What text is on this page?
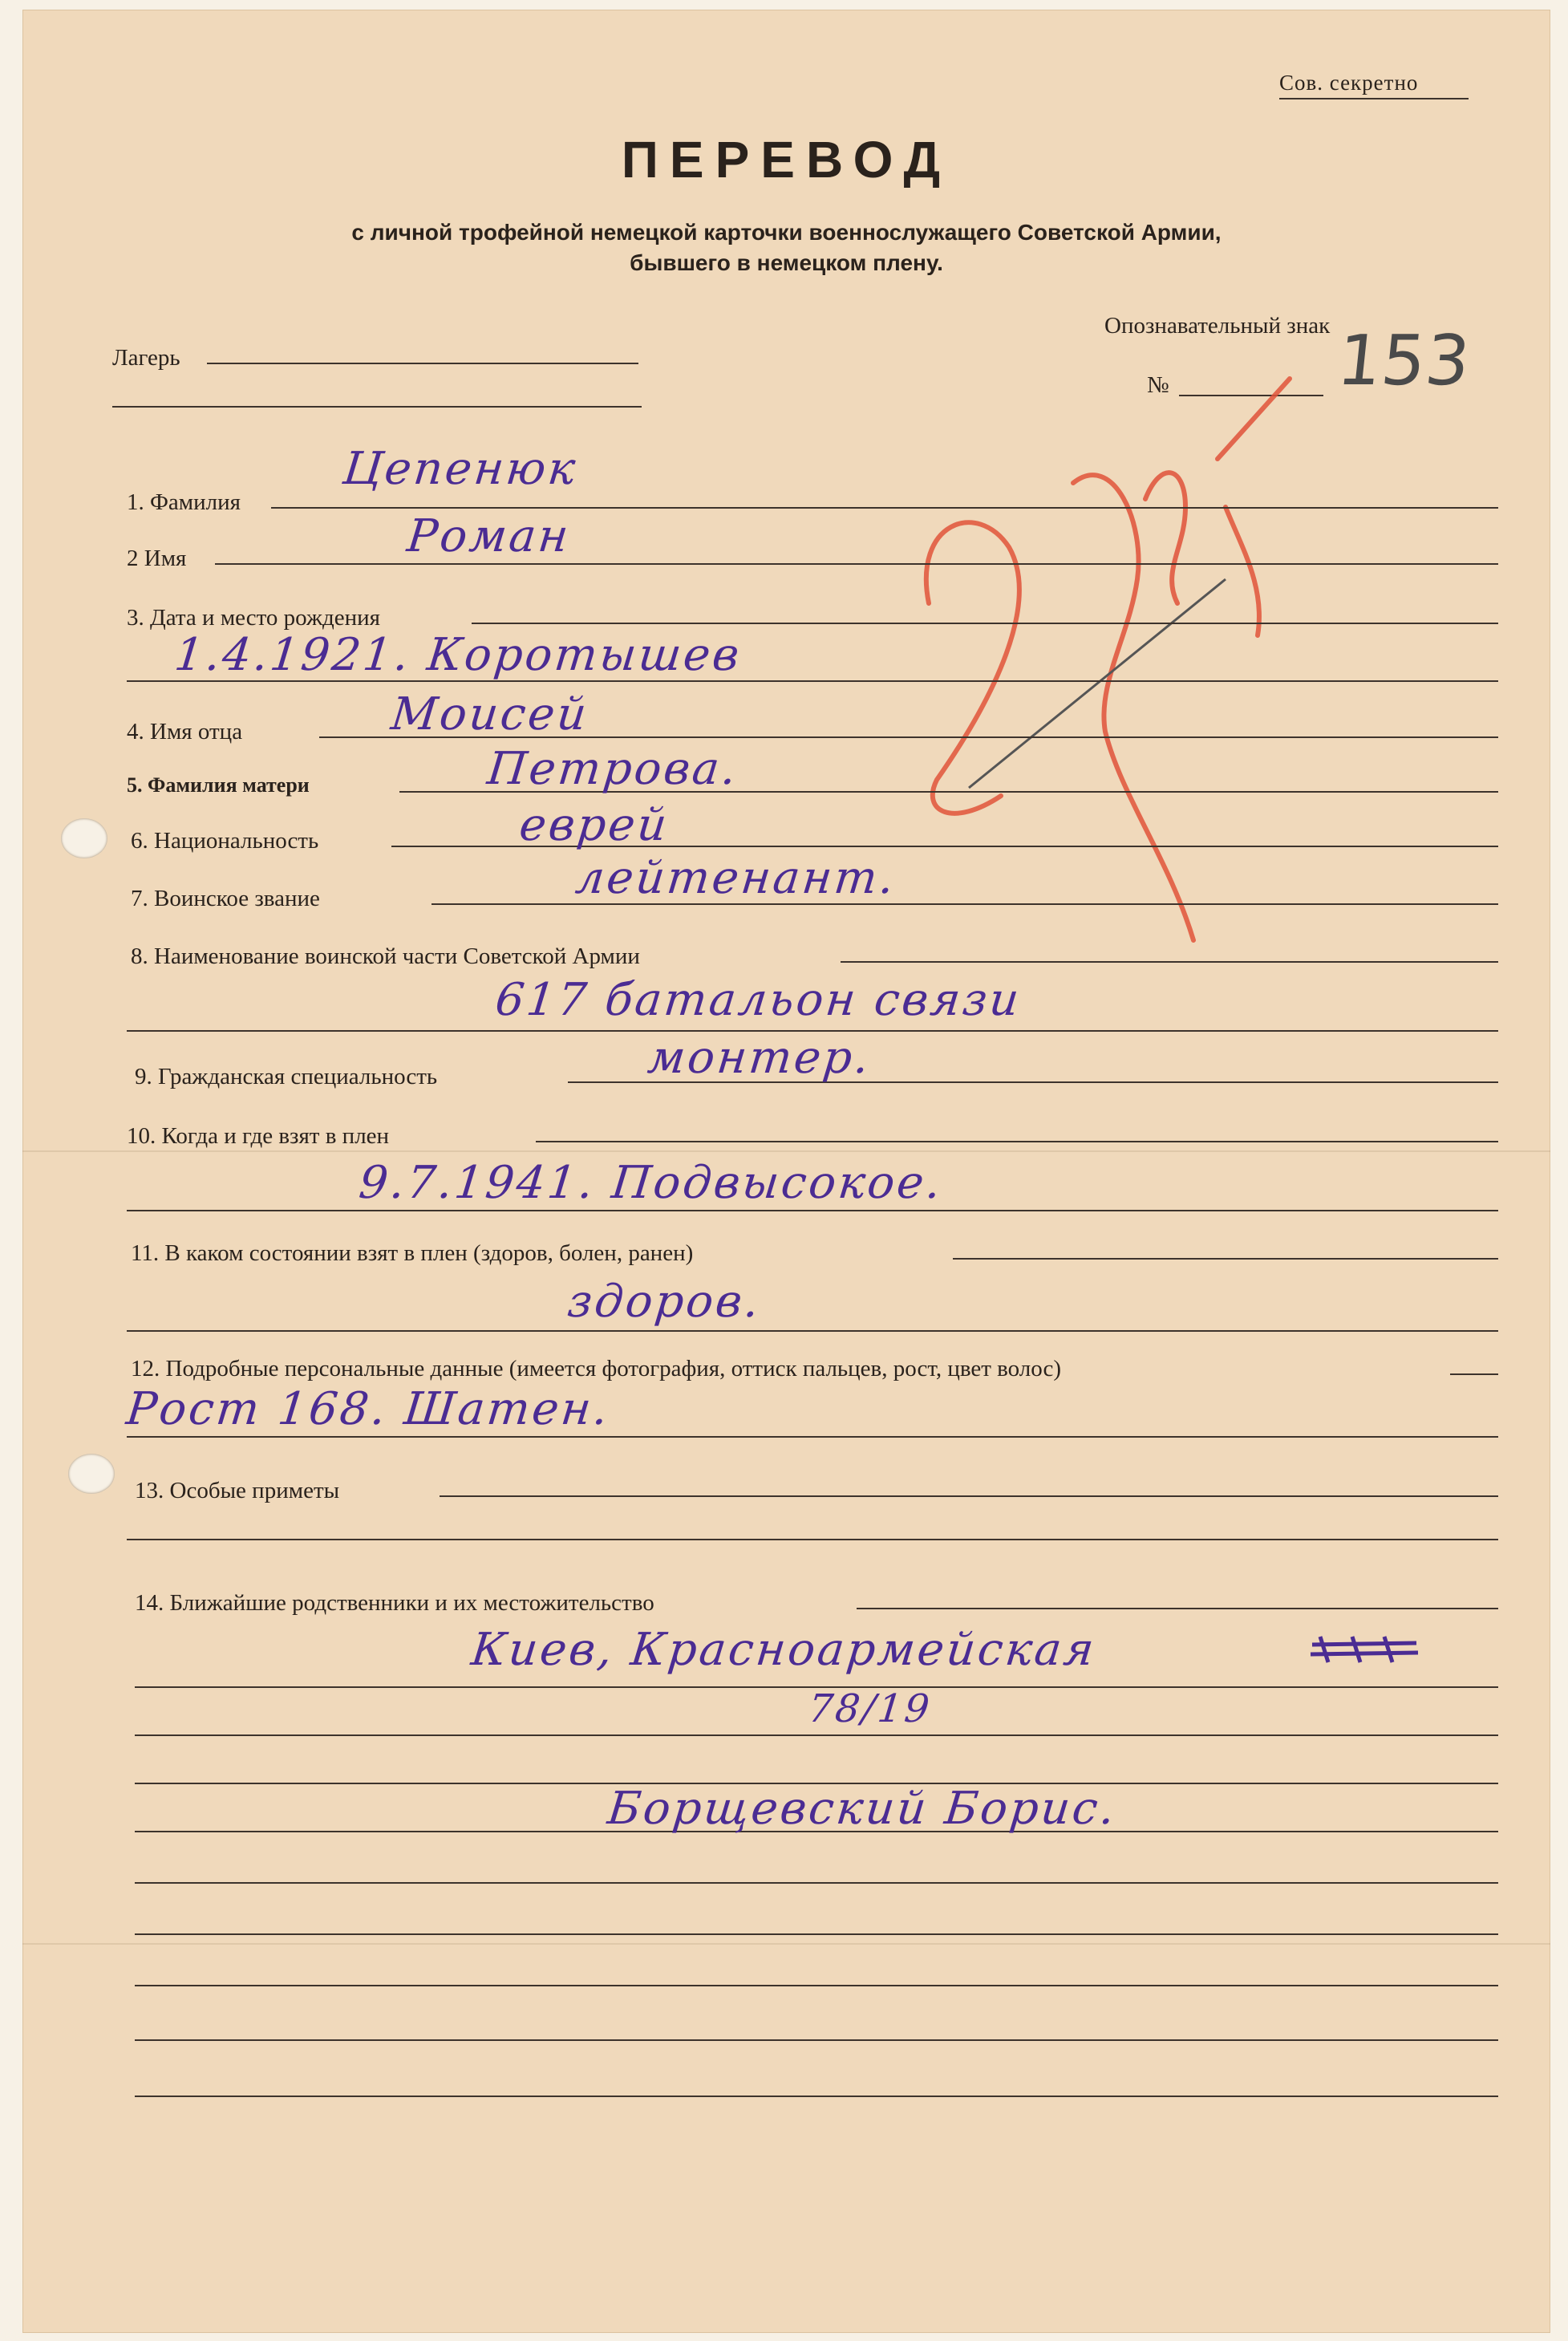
Сов. секретно
ПЕРЕВОД
с личной трофейной немецкой карточки военнослужащего Советской Армии,
бывшего в немецком плену.
Лагерь
Опознавательный знак
№ 153
1. Фамилия
Цепенюк
2 Имя	Роман
3. Дата и место рождения
1.4.1921. Коротышев
4. Имя отца	Моисей
5. Фамилия матери	Петрова.
6. Национальность	еврей
7. Воинское звание	лейтенант.
8. Наименование воинской части Советской Армии
617 батальон связи
9. Гражданская специальность	монтер.
10. Когда и где взят в плен
9.7.1941. Подвысокое.
11. В каком состоянии взят в плен (здоров, болен, ранен)
здоров.
12. Подробные персональные данные (имеется фотография, оттиск пальцев, рост, цвет волос)
Рост 168. Шатен.
13. Особые приметы
14. Ближайшие родственники и их местожительство
Киев, Красноармейская
78/19
Борщевский Борис.
